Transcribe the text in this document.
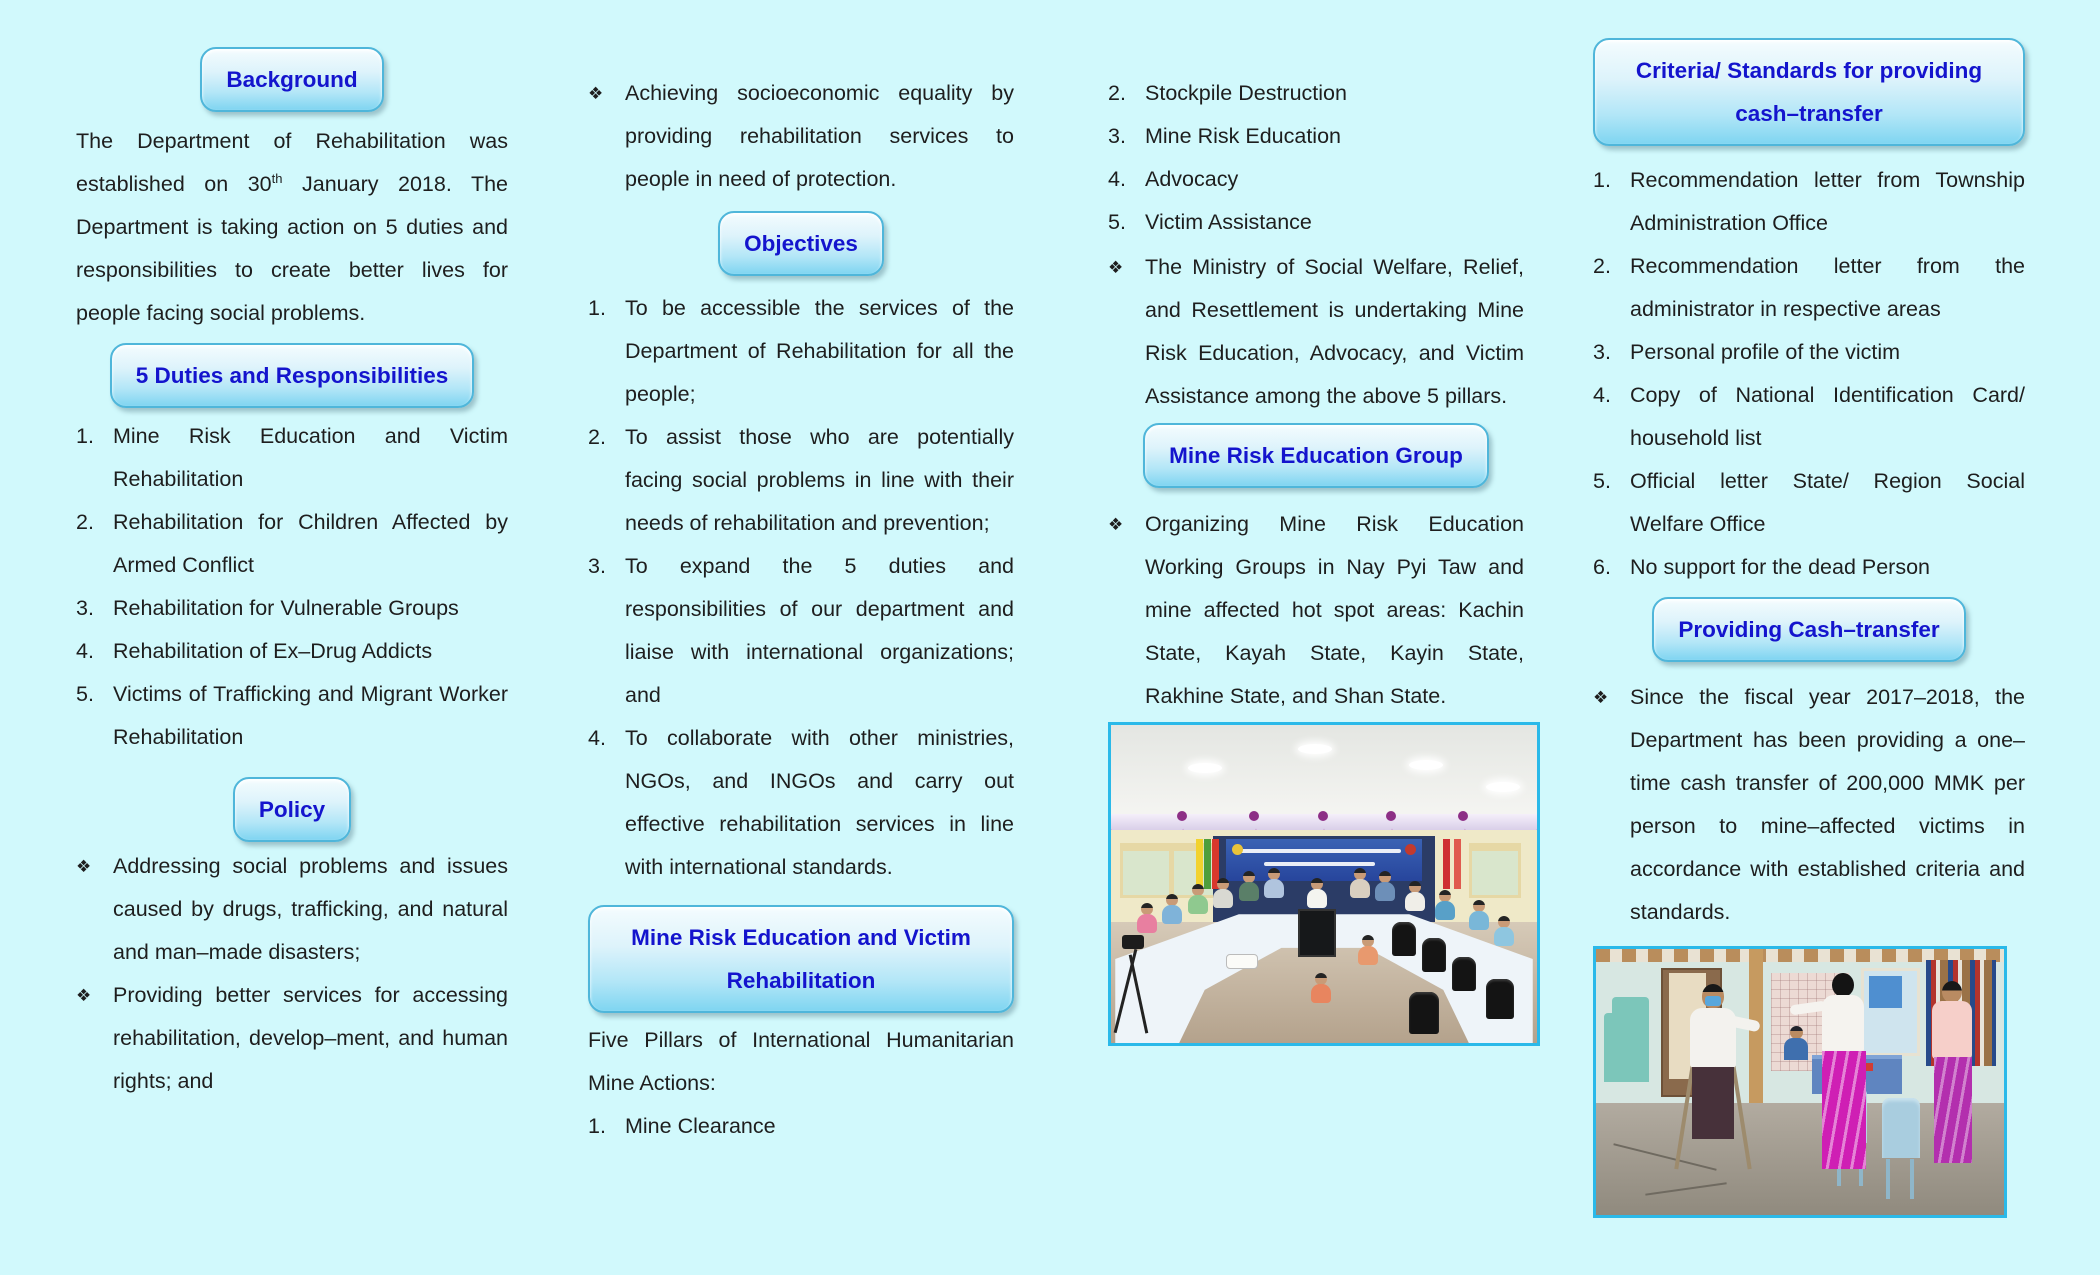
Background

The Department of Rehabilitation was established on 30th January 2018. The Department is taking action on 5 duties and responsibilities to create better lives for people facing social problems.

5 Duties and Responsibilities
1. Mine Risk Education and Victim Rehabilitation
2. Rehabilitation for Children Affected by Armed Conflict
3. Rehabilitation for Vulnerable Groups
4. Rehabilitation of Ex–Drug Addicts
5. Victims of Trafficking and Migrant Worker Rehabilitation
Policy
❖	Addressing social problems and issues caused by drugs, trafficking, and natural and man–made disasters;
❖	Providing better services for accessing rehabilitation, develop–ment, and human rights; and
❖	Achieving socioeconomic equality by providing rehabilitation services to people in need of protection.
Objectives
1. To be accessible the services of the Department of Rehabilitation for all the people;
2. To assist those who are potentially facing social problems in line with their needs of rehabilitation and prevention;
3. To expand the 5 duties and responsibilities of our department and liaise with international organizations; and
4. To collaborate with other ministries, NGOs, and INGOs and carry out effective rehabilitation services in line with international standards.
Mine Risk Education and Victim Rehabilitation

Five Pillars of International Humanitarian Mine Actions:

1. Mine Clearance
2. Stockpile Destruction
3. Mine Risk Education
4. Advocacy
5. Victim Assistance
❖	The Ministry of Social Welfare, Relief, and Resettlement is undertaking Mine Risk Education, Advocacy, and Victim Assistance among the above 5 pillars.
Mine Risk Education Group
❖	Organizing Mine Risk Education Working Groups in Nay Pyi Taw and mine affected hot spot areas: Kachin State, Kayah State, Kayin State, Rakhine State, and Shan State.
Criteria/ Standards for providing cash–transfer
1. Recommendation letter from Township Administration Office
2. Recommendation letter from the administrator in respective areas
3. Personal profile of the victim
4. Copy of National Identification Card/ household list
5. Official letter State/ Region Social Welfare Office
6. No support for the dead Person
Providing Cash–transfer
❖	Since the fiscal year 2017–2018, the Department has been providing a one–time cash transfer of 200,000 MMK per person to mine–affected victims in accordance with established criteria and standards.
